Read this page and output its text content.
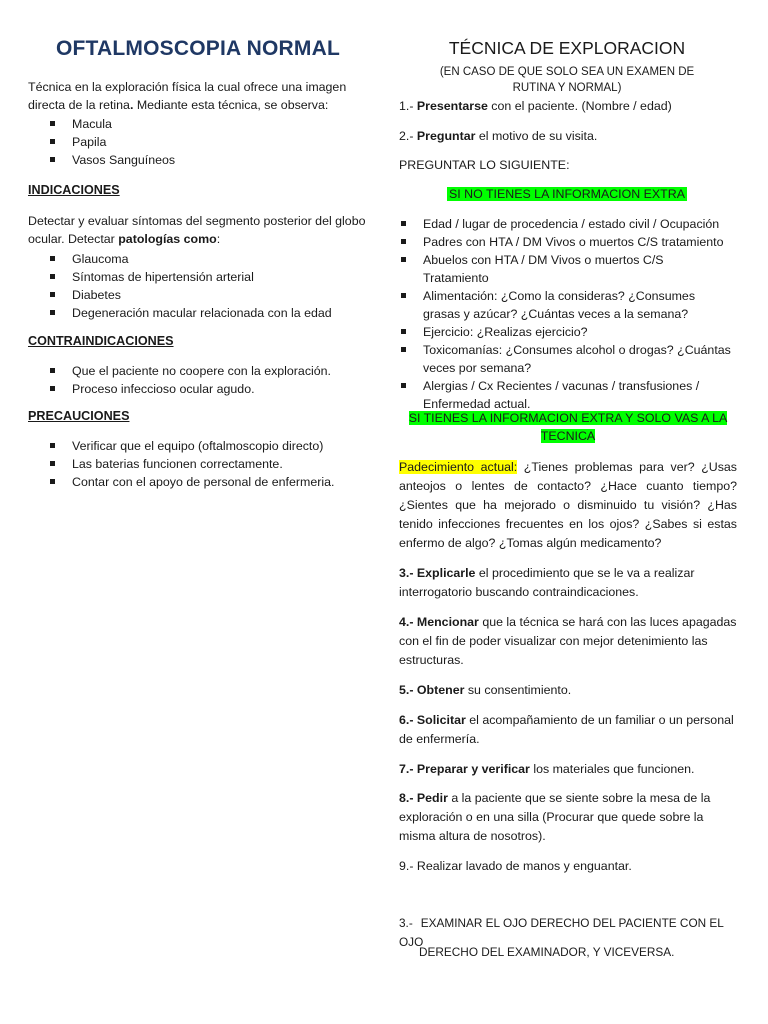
OFTALMOSCOPIA NORMAL
Técnica en la exploración física la cual ofrece una imagen directa de la retina. Mediante esta técnica, se observa:
Macula
Papila
Vasos Sanguíneos
INDICACIONES
Detectar y evaluar síntomas del segmento posterior del globo ocular. Detectar patologías como:
Glaucoma
Síntomas de hipertensión arterial
Diabetes
Degeneración macular relacionada con la edad
CONTRAINDICACIONES
Que el paciente no coopere con la exploración.
Proceso infeccioso ocular agudo.
PRECAUCIONES
Verificar que el equipo (oftalmoscopio directo)
Las baterias funcionen correctamente.
Contar con el apoyo de personal de enfermeria.
TÉCNICA DE EXPLORACION
(EN CASO DE QUE SOLO SEA UN EXAMEN DE RUTINA Y NORMAL)
1.- Presentarse con el paciente. (Nombre / edad)
2.- Preguntar el motivo de su visita.
PREGUNTAR LO SIGUIENTE:
SI NO TIENES LA INFORMACION EXTRA
Edad / lugar de procedencia / estado civil / Ocupación
Padres con HTA / DM Vivos o muertos C/S tratamiento
Abuelos con HTA / DM Vivos o muertos C/S Tratamiento
Alimentación: ¿Como la consideras? ¿Consumes grasas y azúcar? ¿Cuántas veces a la semana?
Ejercicio: ¿Realizas ejercicio?
Toxicomanías: ¿Consumes alcohol o drogas? ¿Cuántas veces por semana?
Alergias / Cx Recientes / vacunas / transfusiones / Enfermedad actual.
SI TIENES LA INFORMACION EXTRA Y SOLO VAS A LA TECNICA
Padecimiento actual: ¿Tienes problemas para ver? ¿Usas anteojos o lentes de contacto? ¿Hace cuanto tiempo? ¿Sientes que ha mejorado o disminuido tu visión? ¿Has tenido infecciones frecuentes en los ojos? ¿Sabes si estas enfermo de algo? ¿Tomas algún medicamento?
3.- Explicarle el procedimiento que se le va a realizar interrogatorio buscando contraindicaciones.
4.- Mencionar que la técnica se hará con las luces apagadas con el fin de poder visualizar con mejor detenimiento las estructuras.
5.- Obtener su consentimiento.
6.- Solicitar el acompañamiento de un familiar o un personal de enfermería.
7.- Preparar y verificar los materiales que funcionen.
8.- Pedir a la paciente que se siente sobre la mesa de la exploración o en una silla (Procurar que quede sobre la misma altura de nosotros).
9.- Realizar lavado de manos y enguantar.
3.- EXAMINAR EL OJO DERECHO DEL PACIENTE CON EL OJO
DERECHO DEL EXAMINADOR, Y VICEVERSA.
